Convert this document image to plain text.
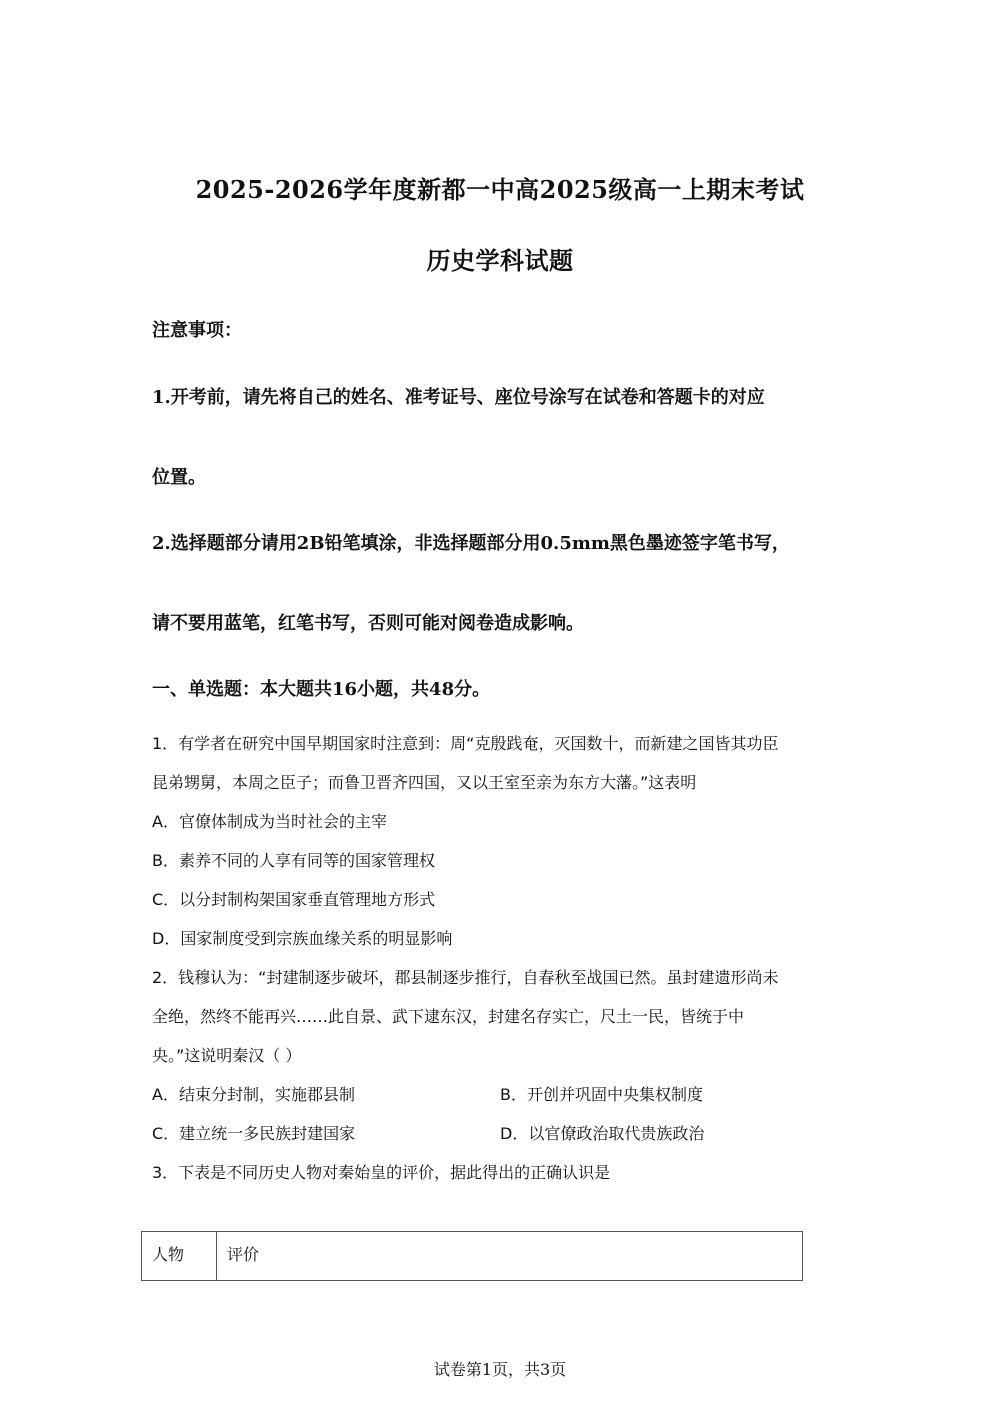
2025-2026学年度新都一中高2025级高一上期末考试
历史学科试题
注意事项：
1.开考前，请先将自己的姓名、准考证号、座位号涂写在试卷和答题卡的对应
位置。
2.选择题部分请用2B铅笔填涂，非选择题部分用0.5mm黑色墨迹签字笔书写，
请不要用蓝笔，红笔书写，否则可能对阅卷造成影响。
一、单选题：本大题共16小题，共48分。
1．有学者在研究中国早期国家时注意到：周“克殷践奄，灭国数十，而新建之国皆其功臣
昆弟甥舅，本周之臣子；而鲁卫晋齐四国，又以王室至亲为东方大藩。”这表明
A．官僚体制成为当时社会的主宰
B．素养不同的人享有同等的国家管理权
C．以分封制构架国家垂直管理地方形式
D．国家制度受到宗族血缘关系的明显影响
2．钱穆认为：“封建制逐步破坏，郡县制逐步推行，自春秋至战国已然。虽封建遗形尚未
全绝，然终不能再兴……此自景、武下逮东汉，封建名存实亡，尺土一民，皆统于中
央。”这说明秦汉（ ）
A．结束分封制，实施郡县制	B．开创并巩固中央集权制度
C．建立统一多民族封建国家	D．以官僚政治取代贵族政治
3．下表是不同历史人物对秦始皇的评价，据此得出的正确认识是
人物	评价
试卷第1页，共3页
